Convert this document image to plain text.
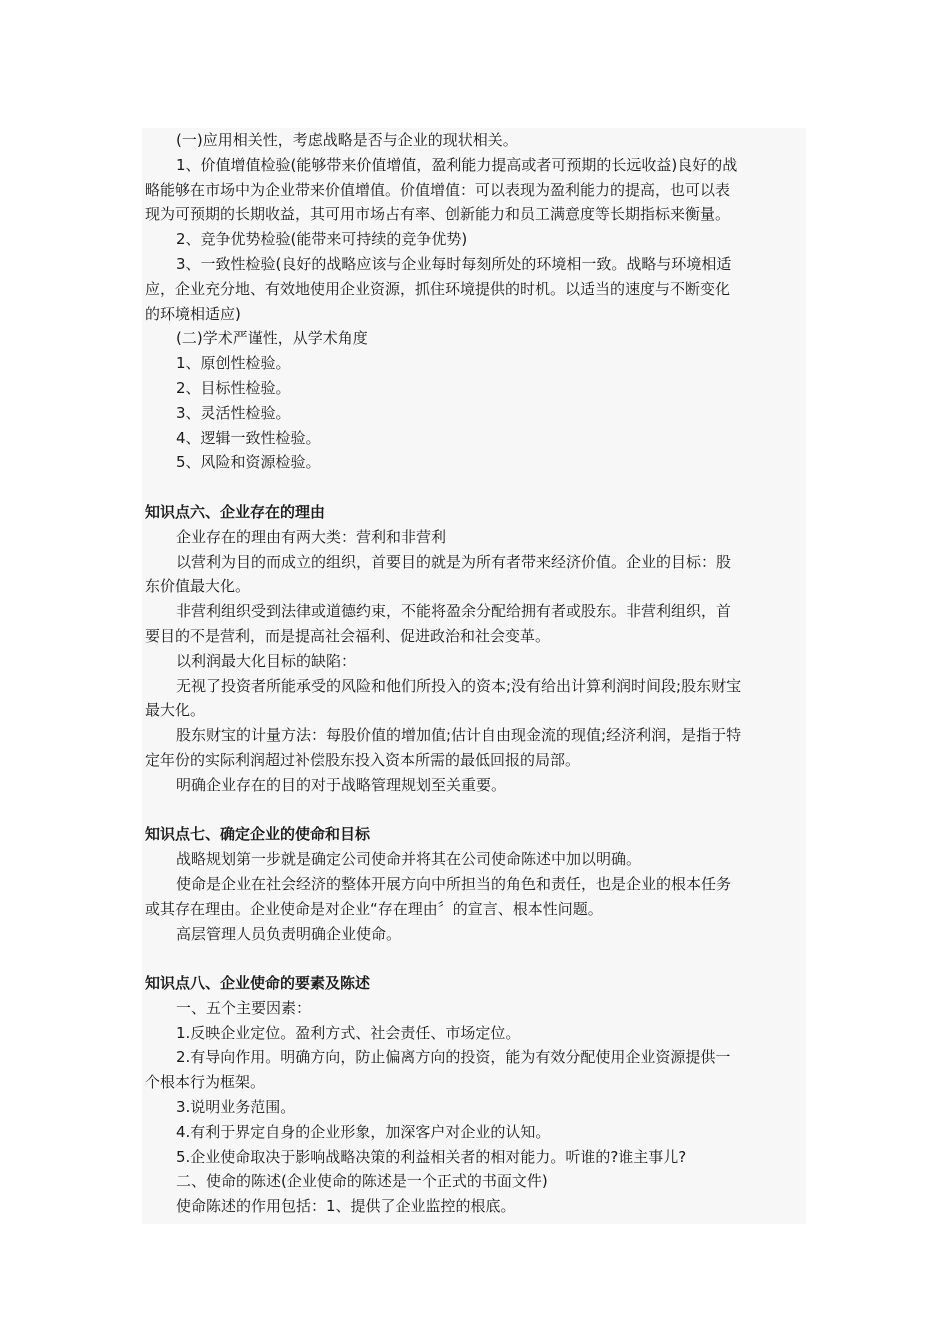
(一)应用相关性，考虑战略是否与企业的现状相关。
1、价值增值检验(能够带来价值增值，盈利能力提高或者可预期的长远收益)良好的战
略能够在市场中为企业带来价值增值。价值增值：可以表现为盈利能力的提高，也可以表
现为可预期的长期收益，其可用市场占有率、创新能力和员工满意度等长期指标来衡量。
2、竞争优势检验(能带来可持续的竞争优势)
3、一致性检验(良好的战略应该与企业每时每刻所处的环境相一致。战略与环境相适
应，企业充分地、有效地使用企业资源，抓住环境提供的时机。以适当的速度与不断变化
的环境相适应)
(二)学术严谨性，从学术角度
1、原创性检验。
2、目标性检验。
3、灵活性检验。
4、逻辑一致性检验。
5、风险和资源检验。
知识点六、企业存在的理由
企业存在的理由有两大类：营利和非营利
以营利为目的而成立的组织，首要目的就是为所有者带来经济价值。企业的目标：股
东价值最大化。
非营利组织受到法律或道德约束，不能将盈余分配给拥有者或股东。非营利组织，首
要目的不是营利，而是提高社会福利、促进政治和社会变革。
以利润最大化目标的缺陷：
无视了投资者所能承受的风险和他们所投入的资本;没有给出计算利润时间段;股东财宝
最大化。
股东财宝的计量方法：每股价值的增加值;估计自由现金流的现值;经济利润，是指于特
定年份的实际利润超过补偿股东投入资本所需的最低回报的局部。
明确企业存在的目的对于战略管理规划至关重要。
知识点七、确定企业的使命和目标
战略规划第一步就是确定公司使命并将其在公司使命陈述中加以明确。
使命是企业在社会经济的整体开展方向中所担当的角色和责任，也是企业的根本任务
或其存在理由。企业使命是对企业“存在理由〞的宣言、根本性问题。
高层管理人员负责明确企业使命。
知识点八、企业使命的要素及陈述
一、五个主要因素：
1.反映企业定位。盈利方式、社会责任、市场定位。
2.有导向作用。明确方向，防止偏离方向的投资，能为有效分配使用企业资源提供一
个根本行为框架。
3.说明业务范围。
4.有利于界定自身的企业形象，加深客户对企业的认知。
5.企业使命取决于影响战略决策的利益相关者的相对能力。听谁的?谁主事儿?
二、使命的陈述(企业使命的陈述是一个正式的书面文件)
使命陈述的作用包括：1、提供了企业监控的根底。
